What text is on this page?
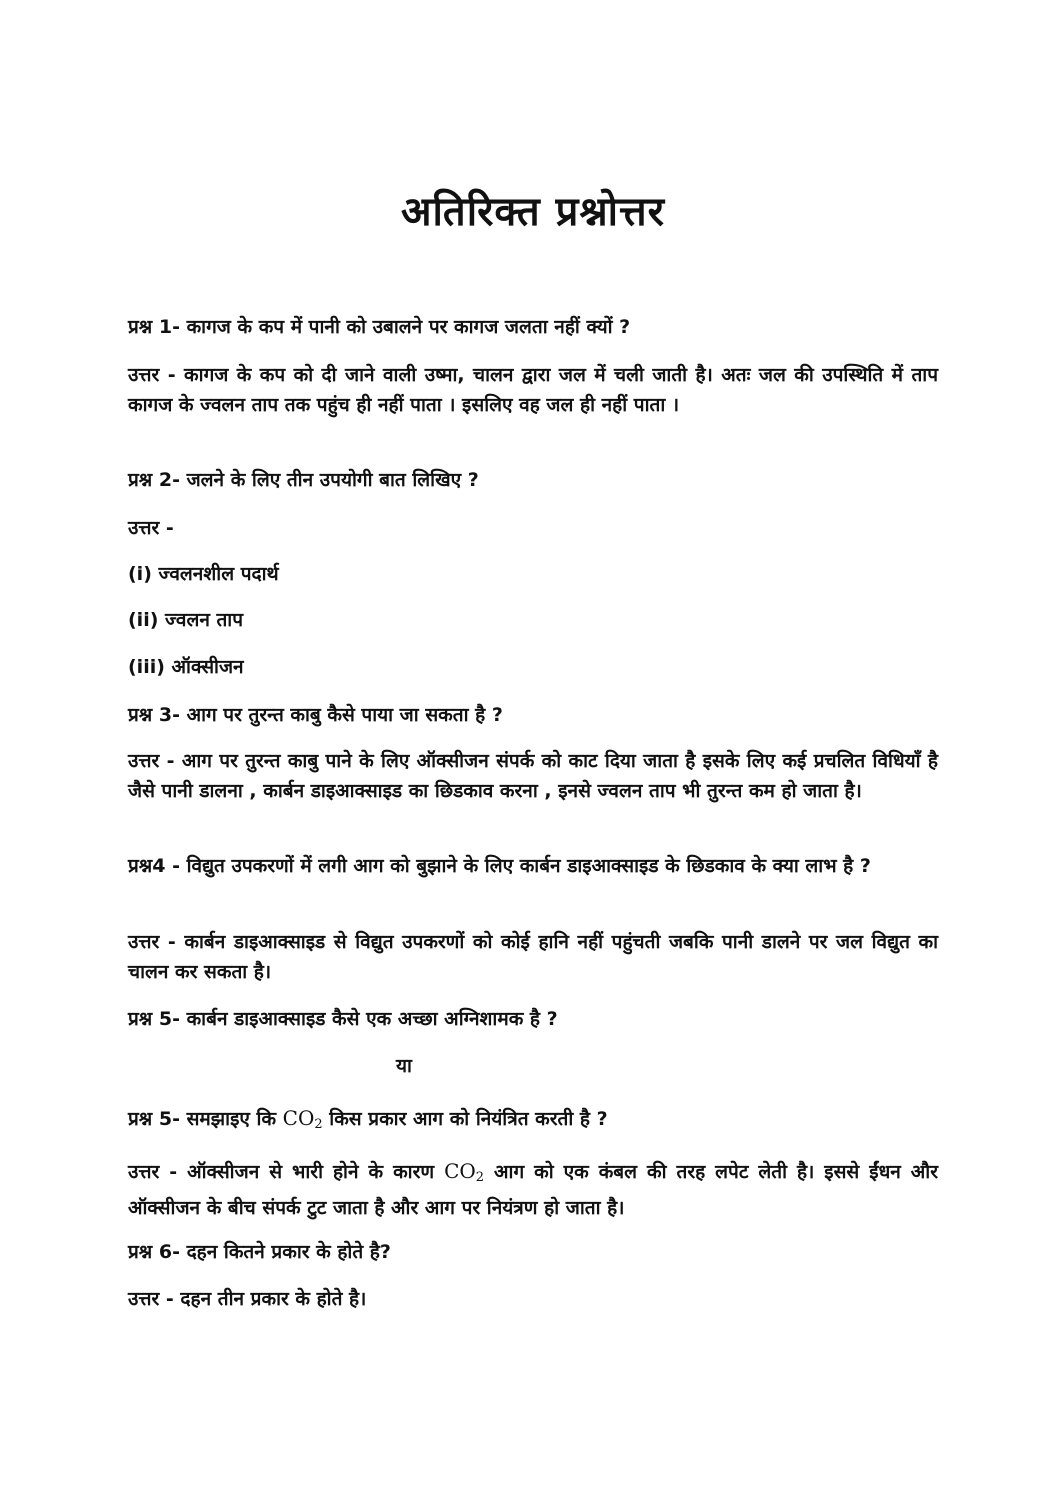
अतिरिक्त प्रश्नोत्तर

प्रश्न 1- कागज के कप में पानी को उबालने पर कागज जलता नहीं क्यों ?

उत्तर - कागज के कप को दी जाने वाली उष्मा, चालन द्वारा जल में चली जाती है। अतः जल की उपस्थिति में ताप कागज के ज्वलन ताप तक पहुंच ही नहीं पाता । इसलिए वह जल ही नहीं पाता ।

प्रश्न 2- जलने के लिए तीन उपयोगी बात लिखिए ?

उत्तर -

(i) ज्वलनशील पदार्थ

(ii) ज्वलन ताप

(iii) ऑक्सीजन

प्रश्न 3- आग पर तुरन्त काबु कैसे पाया जा सकता है ?

उत्तर - आग पर तुरन्त काबु पाने के लिए ऑक्सीजन संपर्क को काट दिया जाता है इसके लिए कई प्रचलित विधियाँ है जैसे पानी डालना , कार्बन डाइआक्साइड का छिडकाव करना , इनसे ज्वलन ताप भी तुरन्त कम हो जाता है।

प्रश्न4 - विद्युत उपकरणों में लगी आग को बुझाने के लिए कार्बन डाइआक्साइड के छिडकाव के क्या लाभ है ?

उत्तर - कार्बन डाइआक्साइड से विद्युत उपकरणों को कोई हानि नहीं पहुंचती जबकि पानी डालने पर जल विद्युत का चालन कर सकता है।

प्रश्न 5- कार्बन डाइआक्साइड कैसे एक अच्छा अग्निशामक है ?

या

प्रश्न 5- समझाइए कि $CO_2$ किस प्रकार आग को नियंत्रित करती है ?

उत्तर - ऑक्सीजन से भारी होने के कारण $CO_2$ आग को एक कंबल की तरह लपेट लेती है। इससे ईंधन और ऑक्सीजन के बीच संपर्क टुट जाता है और आग पर नियंत्रण हो जाता है।

प्रश्न 6- दहन कितने प्रकार के होते है?

उत्तर - दहन तीन प्रकार के होते है।
